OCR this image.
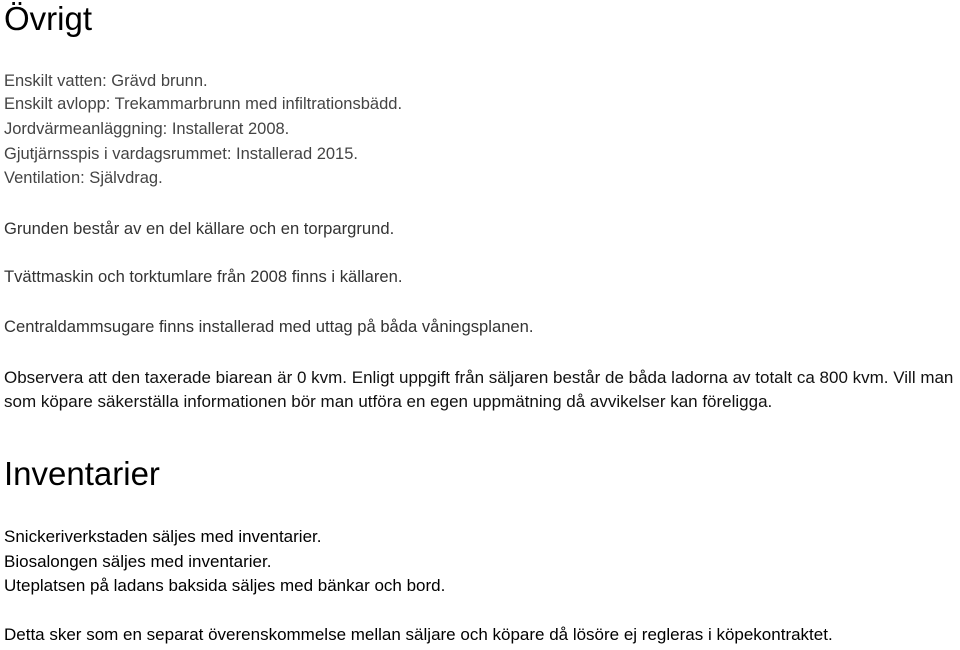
Övrigt
Enskilt vatten: Grävd brunn.
Enskilt avlopp: Trekammarbrunn med infiltrationsbädd.
Jordvärmeanläggning: Installerat 2008.
Gjutjärnsspis i vardagsrummet: Installerad 2015.
Ventilation: Självdrag.
Grunden består av en del källare och en torpargrund.
Tvättmaskin och torktumlare från 2008 finns i källaren.
Centraldammsugare finns installerad med uttag på båda våningsplanen.
Observera att den taxerade biarean är 0 kvm. Enligt uppgift från säljaren består de båda ladorna av totalt ca 800 kvm. Vill man som köpare säkerställa informationen bör man utföra en egen uppmätning då avvikelser kan föreligga.
Inventarier
Snickeriverkstaden säljes med inventarier.
Biosalongen säljes med inventarier.
Uteplatsen på ladans baksida säljes med bänkar och bord.
Detta sker som en separat överenskommelse mellan säljare och köpare då lösöre ej regleras i köpekontraktet.
